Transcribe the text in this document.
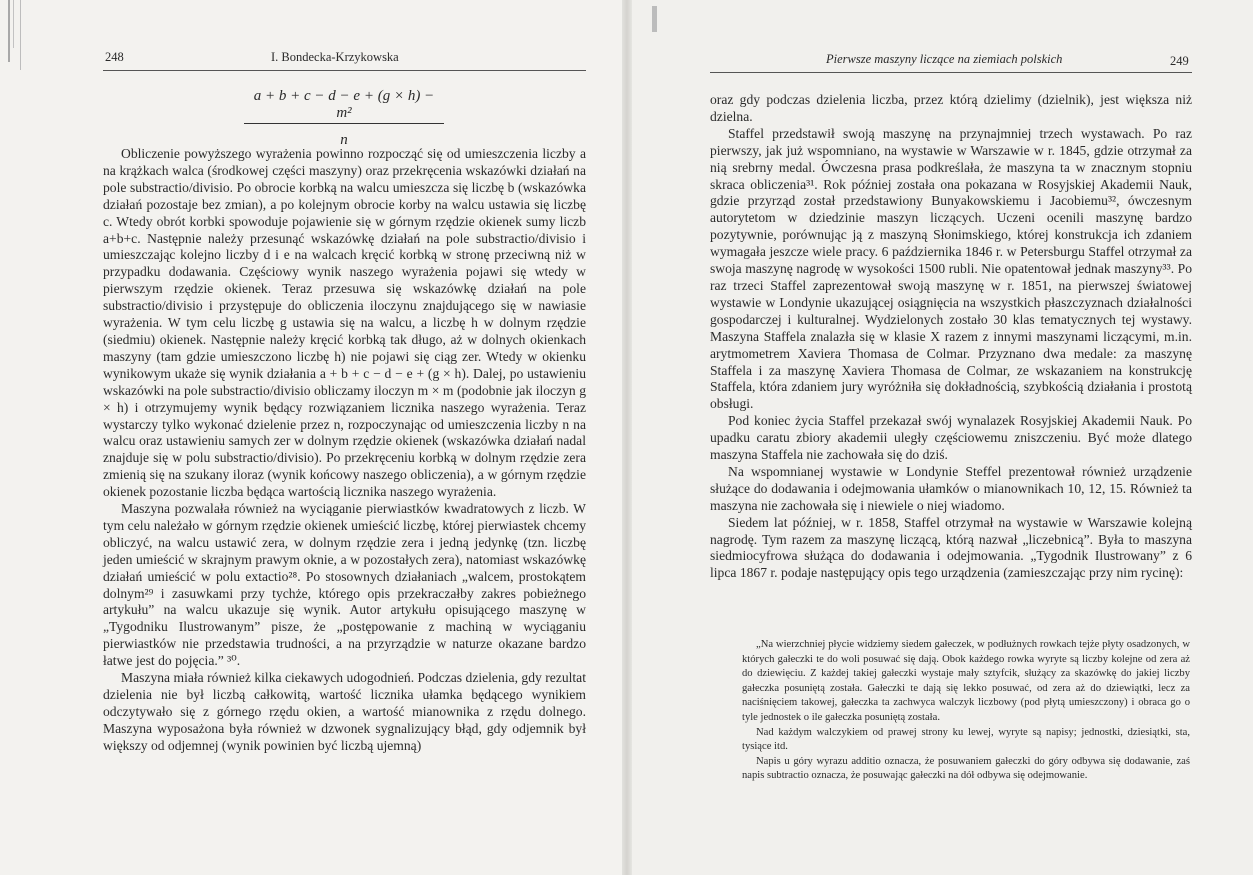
248	I. Bondecka-Krzykowska
$\frac{\text{a + b + c − d − e + (g × h) − m²}}{n}$

Obliczenie powyższego wyrażenia powinno rozpocząć się od umieszczenia liczby a na krążkach walca (środkowej części maszyny) oraz przekręcenia wskazówki działań na pole substractio/divisio. Po obrocie korbką na walcu umieszcza się liczbę b (wskazówka działań pozostaje bez zmian), a po kolejnym obrocie korby na walcu ustawia się liczbę c. Wtedy obrót korbki spowoduje pojawienie się w górnym rzędzie okienek sumy liczb a+b+c. Następnie należy przesunąć wskazówkę działań na pole substractio/divisio i umieszczając kolejno liczby d i e na walcach kręcić korbką w stronę przeciwną niż w przypadku dodawania. Częściowy wynik naszego wyrażenia pojawi się wtedy w pierwszym rzędzie okienek. Teraz przesuwa się wskazówkę działań na pole substractio/divisio i przystępuje do obliczenia iloczynu znajdującego się w nawiasie wyrażenia. W tym celu liczbę g ustawia się na walcu, a liczbę h w dolnym rzędzie (siedmiu) okienek. Następnie należy kręcić korbką tak długo, aż w dolnych okienkach maszyny (tam gdzie umieszczono liczbę h) nie pojawi się ciąg zer. Wtedy w okienku wynikowym ukaże się wynik działania a + b + c − d − e + (g × h). Dalej, po ustawieniu wskazówki na pole substractio/divisio obliczamy iloczyn m × m (podobnie jak iloczyn g × h) i otrzymujemy wynik będący rozwiązaniem licznika naszego wyrażenia. Teraz wystarczy tylko wykonać dzielenie przez n, rozpoczynając od umieszczenia liczby n na walcu oraz ustawieniu samych zer w dolnym rzędzie okienek (wskazówka działań nadal znajduje się w polu substractio/divisio). Po przekręceniu korbką w dolnym rzędzie zera zmienią się na szukany iloraz (wynik końcowy naszego obliczenia), a w górnym rzędzie okienek pozostanie liczba będąca wartością licznika naszego wyrażenia.

Maszyna pozwalała również na wyciąganie pierwiastków kwadratowych z liczb. W tym celu należało w górnym rzędzie okienek umieścić liczbę, której pierwiastek chcemy obliczyć, na walcu ustawić zera, w dolnym rzędzie zera i jedną jedynkę (tzn. liczbę jeden umieścić w skrajnym prawym oknie, a w pozostałych zera), natomiast wskazówkę działań umieścić w polu extactio²⁸. Po stosownych działaniach „walcem, prostokątem dolnym²⁹ i zasuwkami przy tychże, którego opis przekraczałby zakres pobieżnego artykułu” na walcu ukazuje się wynik. Autor artykułu opisującego maszynę w „Tygodniku Ilustrowanym” pisze, że „postępowanie z machiną w wyciąganiu pierwiastków nie przedstawia trudności, a na przyrządzie w naturze okazane bardzo łatwe jest do pojęcia.” ³⁰.

Maszyna miała również kilka ciekawych udogodnień. Podczas dzielenia, gdy rezultat dzielenia nie był liczbą całkowitą, wartość licznika ułamka będącego wynikiem odczytywało się z górnego rzędu okien, a wartość mianownika z rzędu dolnego. Maszyna wyposażona była również w dzwonek sygnalizujący błąd, gdy odjemnik był większy od odjemnej (wynik powinien być liczbą ujemną)

Pierwsze maszyny liczące na ziemiach polskich	249

oraz gdy podczas dzielenia liczba, przez którą dzielimy (dzielnik), jest większa niż dzielna.

Staffel przedstawił swoją maszynę na przynajmniej trzech wystawach. Po raz pierwszy, jak już wspomniano, na wystawie w Warszawie w r. 1845, gdzie otrzymał za nią srebrny medal. Ówczesna prasa podkreślała, że maszyna ta w znacznym stopniu skraca obliczenia³¹. Rok później została ona pokazana w Rosyjskiej Akademii Nauk, gdzie przyrząd został przedstawiony Bunyakowskiemu i Jacobiemu³², ówczesnym autorytetom w dziedzinie maszyn liczących. Uczeni ocenili maszynę bardzo pozytywnie, porównując ją z maszyną Słonimskiego, której konstrukcja ich zdaniem wymagała jeszcze wiele pracy. 6 października 1846 r. w Petersburgu Staffel otrzymał za swoja maszynę nagrodę w wysokości 1500 rubli. Nie opatentował jednak maszyny³³. Po raz trzeci Staffel zaprezentował swoją maszynę w r. 1851, na pierwszej światowej wystawie w Londynie ukazującej osiągnięcia na wszystkich płaszczyznach działalności gospodarczej i kulturalnej. Wydzielonych zostało 30 klas tematycznych tej wystawy. Maszyna Staffela znalazła się w klasie X razem z innymi maszynami liczącymi, m.in. arytmometrem Xaviera Thomasa de Colmar. Przyznano dwa medale: za maszynę Staffela i za maszynę Xaviera Thomasa de Colmar, ze wskazaniem na konstrukcję Staffela, która zdaniem jury wyróżniła się dokładnością, szybkością działania i prostotą obsługi.

Pod koniec życia Staffel przekazał swój wynalazek Rosyjskiej Akademii Nauk. Po upadku caratu zbiory akademii uległy częściowemu zniszczeniu. Być może dlatego maszyna Staffela nie zachowała się do dziś.

Na wspomnianej wystawie w Londynie Steffel prezentował również urządzenie służące do dodawania i odejmowania ułamków o mianownikach 10, 12, 15. Również ta maszyna nie zachowała się i niewiele o niej wiadomo.

Siedem lat później, w r. 1858, Staffel otrzymał na wystawie w Warszawie kolejną nagrodę. Tym razem za maszynę liczącą, którą nazwał „liczebnicą”. Była to maszyna siedmiocyfrowa służąca do dodawania i odejmowania. „Tygodnik Ilustrowany” z 6 lipca 1867 r. podaje następujący opis tego urządzenia (zamieszczając przy nim rycinę):

„Na wierzchniej płycie widziemy siedem gałeczek, w podłużnych rowkach tejże płyty osadzonych, w których gałeczki te do woli posuwać się dają. Obok każdego rowka wyryte są liczby kolejne od zera aż do dziewięciu. Z każdej takiej gałeczki wystaje mały sztyfcik, służący za skazówkę do jakiej liczby gałeczka posuniętą została. Gałeczki te dają się lekko posuwać, od zera aż do dziewiątki, lecz za naciśnięciem takowej, gałeczka ta zachwyca walczyk liczbowy (pod płytą umieszczony) i obraca go o tyle jednostek o ile gałeczka posuniętą została.

Nad każdym walczykiem od prawej strony ku lewej, wyryte są napisy; jednostki, dziesiątki, sta, tysiące itd.

Napis u góry wyrazu additio oznacza, że posuwaniem gałeczki do góry odbywa się dodawanie, zaś napis subtractio oznacza, że posuwając gałeczki na dół odbywa się odejmowanie.
